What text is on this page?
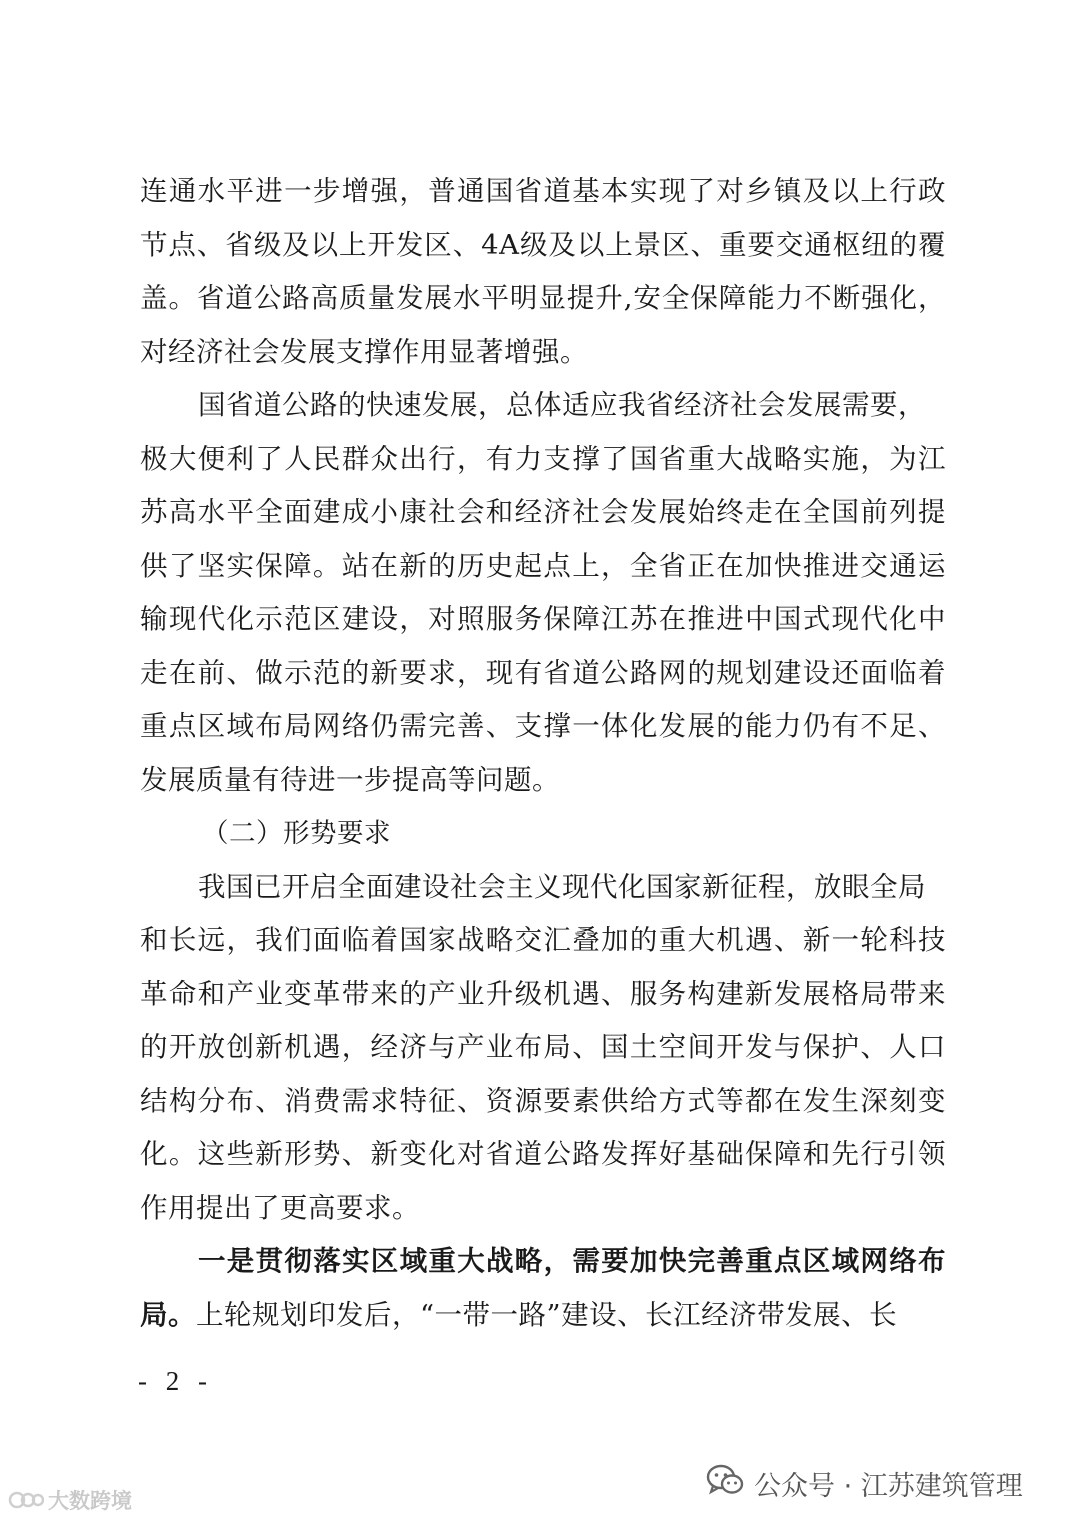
连通水平进一步增强，普通国省道基本实现了对乡镇及以上行政
节点、省级及以上开发区、4A级及以上景区、重要交通枢纽的覆
盖。省道公路高质量发展水平明显提升,安全保障能力不断强化，
对经济社会发展支撑作用显著增强。
国省道公路的快速发展，总体适应我省经济社会发展需要，
极大便利了人民群众出行，有力支撑了国省重大战略实施，为江
苏高水平全面建成小康社会和经济社会发展始终走在全国前列提
供了坚实保障。站在新的历史起点上，全省正在加快推进交通运
输现代化示范区建设，对照服务保障江苏在推进中国式现代化中
走在前、做示范的新要求，现有省道公路网的规划建设还面临着
重点区域布局网络仍需完善、支撑一体化发展的能力仍有不足、
发展质量有待进一步提高等问题。
（二）形势要求
我国已开启全面建设社会主义现代化国家新征程，放眼全局
和长远，我们面临着国家战略交汇叠加的重大机遇、新一轮科技
革命和产业变革带来的产业升级机遇、服务构建新发展格局带来
的开放创新机遇，经济与产业布局、国土空间开发与保护、人口
结构分布、消费需求特征、资源要素供给方式等都在发生深刻变
化。这些新形势、新变化对省道公路发挥好基础保障和先行引领
作用提出了更高要求。
一是贯彻落实区域重大战略，需要加快完善重点区域网络布
局。上轮规划印发后，“一带一路”建设、长江经济带发展、长
- 2 -
大数跨境	公众号 · 江苏建筑管理
